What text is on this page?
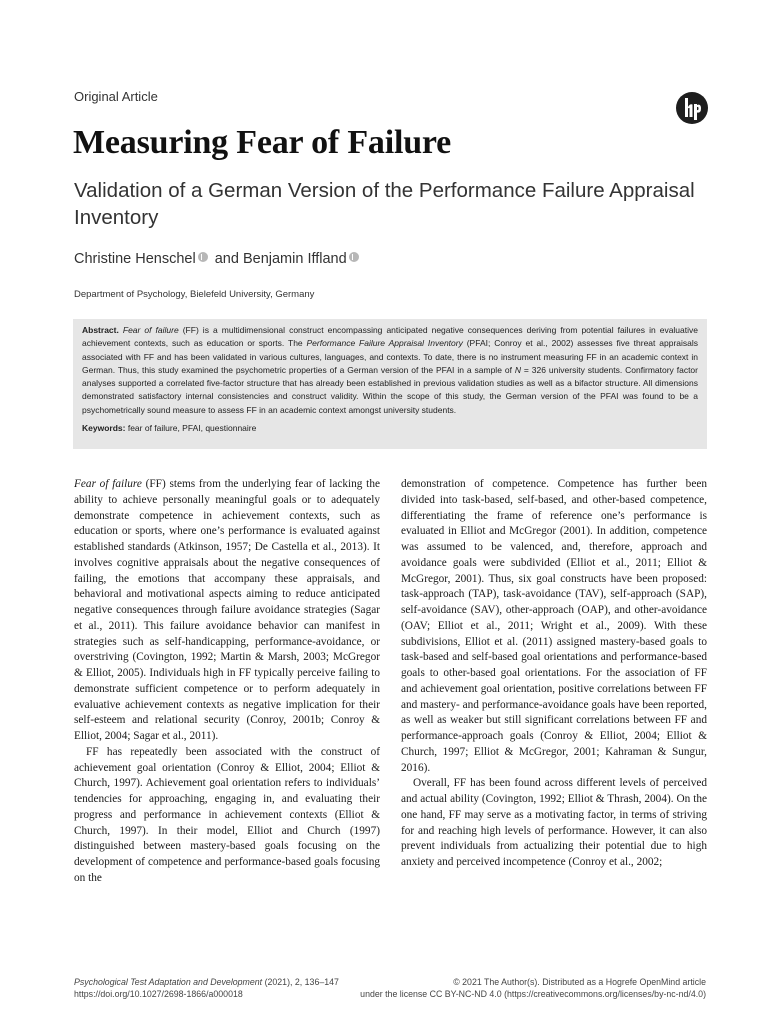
Original Article
Measuring Fear of Failure
Validation of a German Version of the Performance Failure Appraisal Inventory
Christine Henschel and Benjamin Iffland
Department of Psychology, Bielefeld University, Germany

Abstract. Fear of failure (FF) is a multidimensional construct encompassing anticipated negative consequences deriving from potential failures in evaluative achievement contexts, such as education or sports. The Performance Failure Appraisal Inventory (PFAI; Conroy et al., 2002) assesses five threat appraisals associated with FF and has been validated in various cultures, languages, and contexts. To date, there is no instrument measuring FF in an academic context in German. Thus, this study examined the psychometric properties of a German version of the PFAI in a sample of N = 326 university students. Confirmatory factor analyses supported a correlated five-factor structure that has already been established in previous validation studies as well as a bifactor structure. All dimensions demonstrated satisfactory internal consistencies and construct validity. Within the scope of this study, the German version of the PFAI was found to be a psychometrically sound measure to assess FF in an academic context amongst university students.

Keywords: fear of failure, PFAI, questionnaire

Fear of failure (FF) stems from the underlying fear of lacking the ability to achieve personally meaningful goals or to adequately demonstrate competence in achievement contexts, such as education or sports, where one’s performance is evaluated against established standards (Atkinson, 1957; De Castella et al., 2013). It involves cognitive appraisals about the negative consequences of failing, the emotions that accompany these appraisals, and behavioral and motivational aspects aiming to reduce anticipated negative consequences through failure avoidance strategies (Sagar et al., 2011). This failure avoidance behavior can manifest in strategies such as self-handicapping, performance-avoidance, or overstriving (Covington, 1992; Martin & Marsh, 2003; McGregor & Elliot, 2005). Individuals high in FF typically perceive failing to demonstrate sufficient competence or to perform adequately in evaluative achievement contexts as negative implication for their self-esteem and relational security (Conroy, 2001b; Conroy & Elliot, 2004; Sagar et al., 2011).

FF has repeatedly been associated with the construct of achievement goal orientation (Conroy & Elliot, 2004; Elliot & Church, 1997). Achievement goal orientation refers to individuals’ tendencies for approaching, engaging in, and evaluating their progress and performance in achievement contexts (Elliot & Church, 1997). In their model, Elliot and Church (1997) distinguished between mastery-based goals focusing on the development of competence and performance-based goals focusing on the

demonstration of competence. Competence has further been divided into task-based, self-based, and other-based competence, differentiating the frame of reference one’s performance is evaluated in Elliot and McGregor (2001). In addition, competence was assumed to be valenced, and, therefore, approach and avoidance goals were subdivided (Elliot et al., 2011; Elliot & McGregor, 2001). Thus, six goal constructs have been proposed: task-approach (TAP), task-avoidance (TAV), self-approach (SAP), self-avoidance (SAV), other-approach (OAP), and other-avoidance (OAV; Elliot et al., 2011; Wright et al., 2009). With these subdivisions, Elliot et al. (2011) assigned mastery-based goals to task-based and self-based goal orientations and performance-based goals to other-based goal orientations. For the association of FF and achievement goal orientation, positive correlations between FF and mastery- and performance-avoidance goals have been reported, as well as weaker but still significant correlations between FF and performance-approach goals (Conroy & Elliot, 2004; Elliot & Church, 1997; Elliot & McGregor, 2001; Kahraman & Sungur, 2016).

Overall, FF has been found across different levels of perceived and actual ability (Covington, 1992; Elliot & Thrash, 2004). On the one hand, FF may serve as a motivating factor, in terms of striving for and reaching high levels of performance. However, it can also prevent individuals from actualizing their potential due to high anxiety and perceived incompetence (Conroy et al., 2002;

Psychological Test Adaptation and Development (2021), 2, 136–147
https://doi.org/10.1027/2698-1866/a000018
© 2021 The Author(s). Distributed as a Hogrefe OpenMind article
under the license CC BY-NC-ND 4.0 (https://creativecommons.org/licenses/by-nc-nd/4.0)
